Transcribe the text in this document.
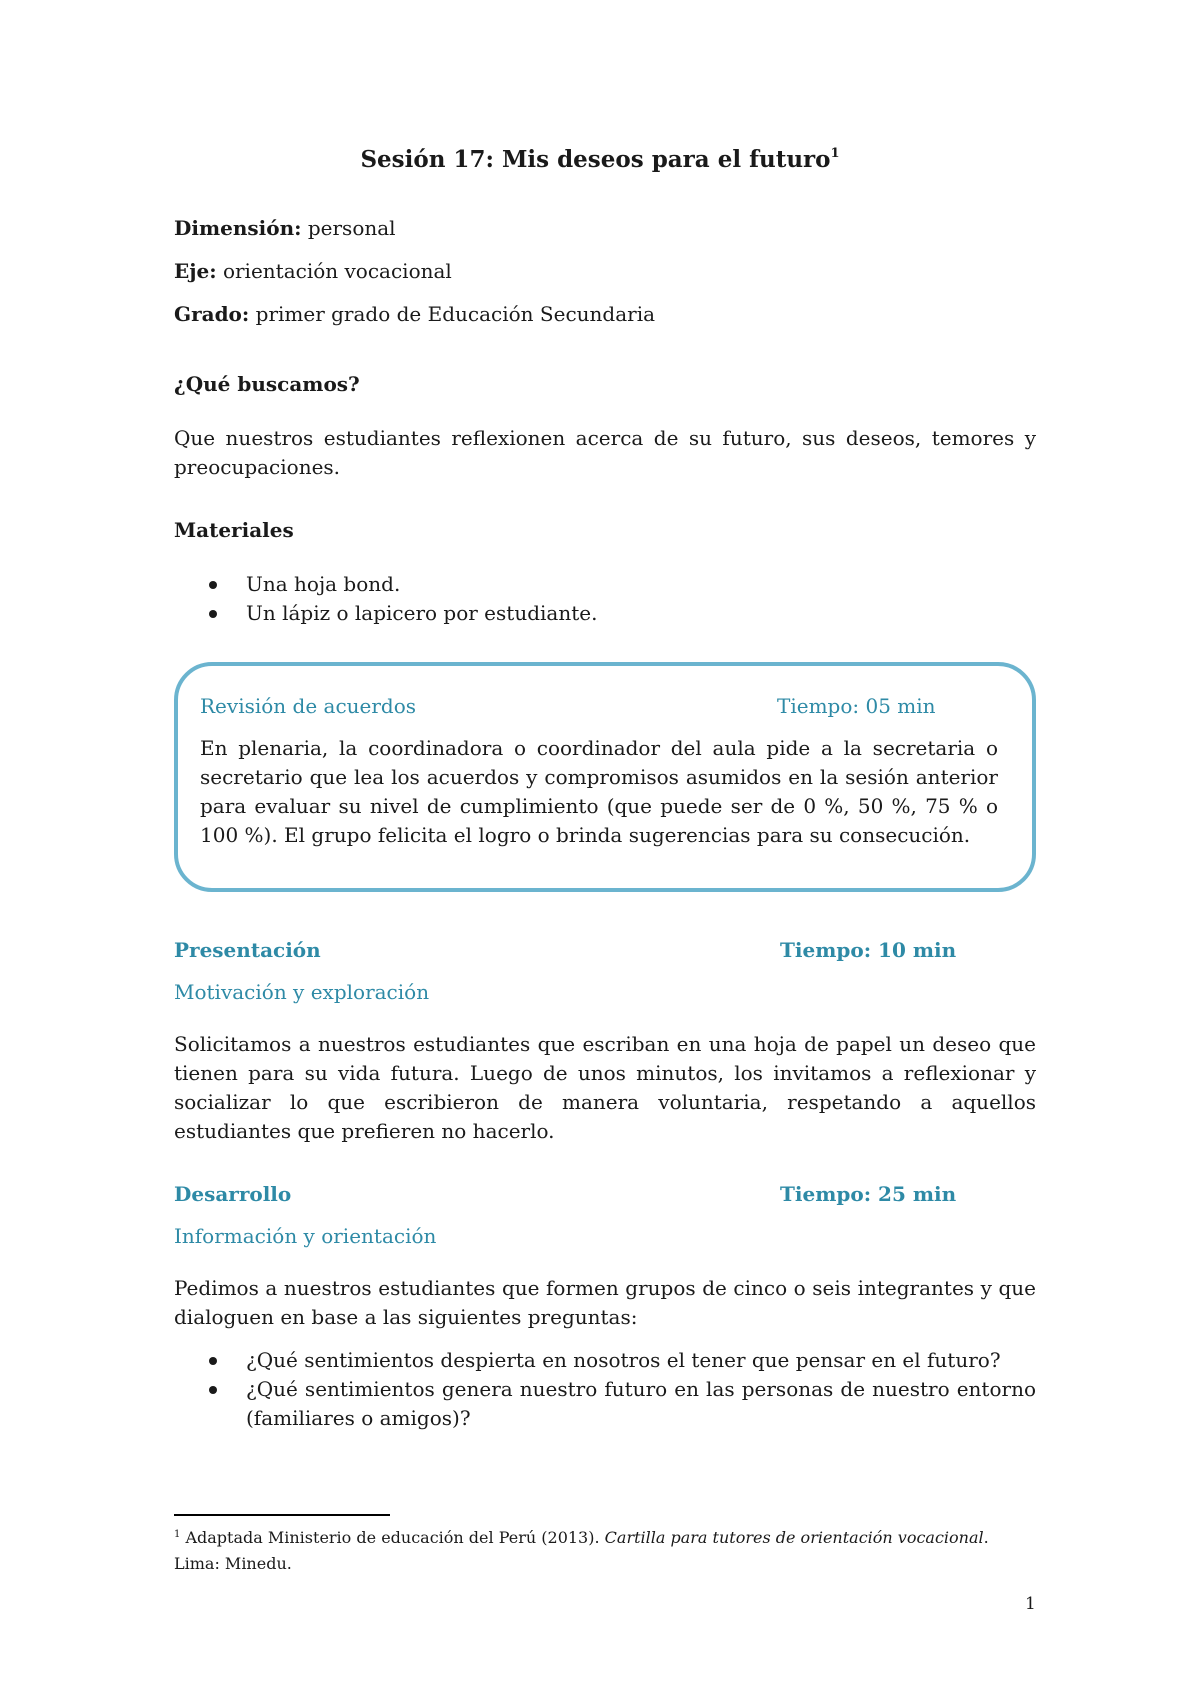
Sesión 17: Mis deseos para el futuro$^1$
Dimensión: personal
Eje: orientación vocacional
Grado: primer grado de Educación Secundaria
¿Qué buscamos?
Que nuestros estudiantes reflexionen acerca de su futuro, sus deseos, temores y preocupaciones.
Materiales
Una hoja bond.
Un lápiz o lapicero por estudiante.
Revisión de acuerdos	Tiempo: 05 min
En plenaria, la coordinadora o coordinador del aula pide a la secretaria o secretario que lea los acuerdos y compromisos asumidos en la sesión anterior para evaluar su nivel de cumplimiento (que puede ser de 0 %, 50 %, 75 % o 100 %). El grupo felicita el logro o brinda sugerencias para su consecución.
Presentación	Tiempo: 10 min
Motivación y exploración
Solicitamos a nuestros estudiantes que escriban en una hoja de papel un deseo que tienen para su vida futura. Luego de unos minutos, los invitamos a reflexionar y socializar lo que escribieron de manera voluntaria, respetando a aquellos estudiantes que prefieren no hacerlo.
Desarrollo	Tiempo: 25 min
Información y orientación
Pedimos a nuestros estudiantes que formen grupos de cinco o seis integrantes y que dialoguen en base a las siguientes preguntas:
¿Qué sentimientos despierta en nosotros el tener que pensar en el futuro?
¿Qué sentimientos genera nuestro futuro en las personas de nuestro entorno (familiares o amigos)?
$^1$ Adaptada Ministerio de educación del Perú (2013). Cartilla para tutores de orientación vocacional. Lima: Minedu.
1
